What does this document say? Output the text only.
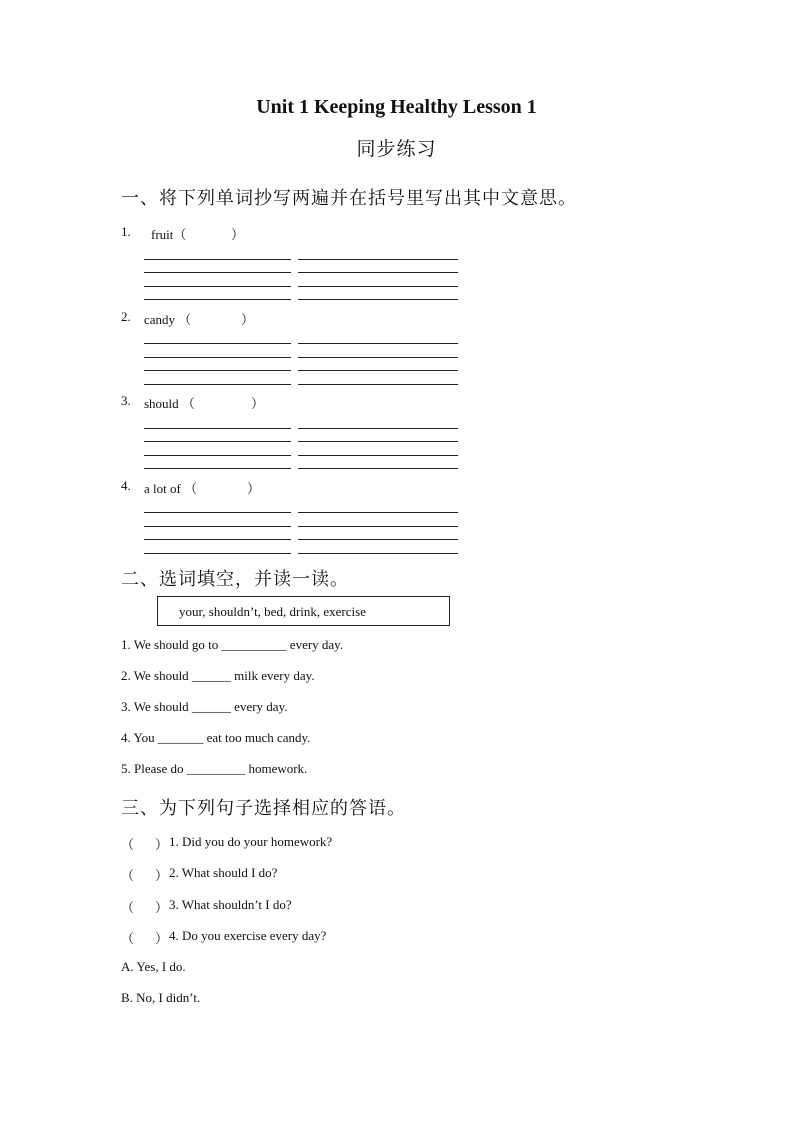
Unit 1 Keeping Healthy Lesson 1
同步练习
一、将下列单词抄写两遍并在括号里写出其中文意思。
1. fruit（	）
2. candy （	）
3. should （	）
4. a lot of （	）
二、选词填空，并读一读。
your, shouldn’t, bed, drink, exercise
1. We should go to __________ every day.
2. We should ______ milk every day.
3. We should ______ every day.
4. You _______ eat too much candy.
5. Please do _________ homework.
三、为下列句子选择相应的答语。
（ ） 1. Did you do your homework?
（ ） 2. What should I do?
（ ） 3. What shouldn’t I do?
（ ） 4. Do you exercise every day?
A. Yes, I do.
B. No, I didn’t.
